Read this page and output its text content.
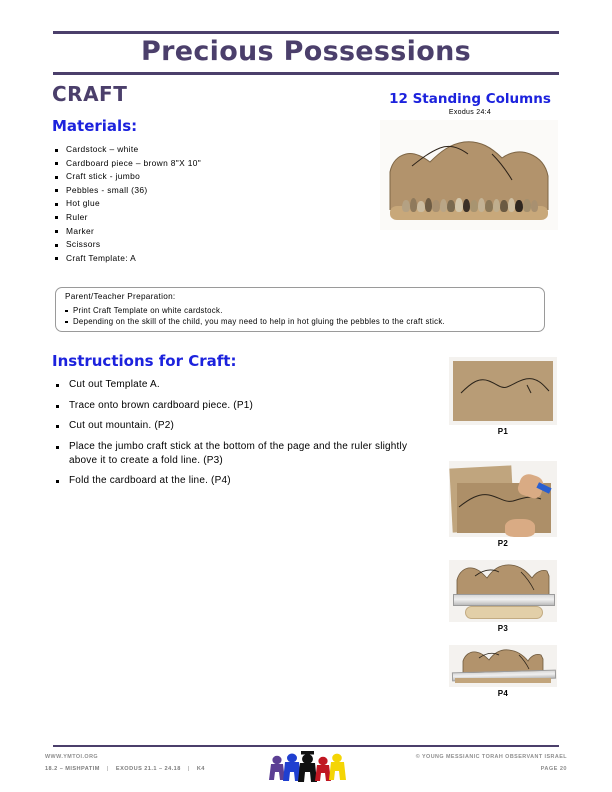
Precious Possessions
CRAFT
Materials:
Cardstock – white
Cardboard piece – brown 8"X 10"
Craft stick - jumbo
Pebbles - small (36)
Hot glue
Ruler
Marker
Scissors
Craft Template: A
12 Standing Columns
Exodus 24:4
Parent/Teacher Preparation:
Print Craft Template on white cardstock.
Depending on the skill of the child, you may need to help in hot gluing the pebbles to the craft stick.
Instructions for Craft:
Cut out Template A.
Trace onto brown cardboard piece. (P1)
Cut out mountain. (P2)
Place the jumbo craft stick at the bottom of the page and the ruler slightly above it to create a fold line. (P3)
Fold the cardboard at the line. (P4)
P1
P2
P3
P4
WWW.YMTOI.ORG
18.2 – MISHPATIM | EXODUS 21.1 – 24.18 | K4
© YOUNG MESSIANIC TORAH OBSERVANT ISRAEL
PAGE 20
